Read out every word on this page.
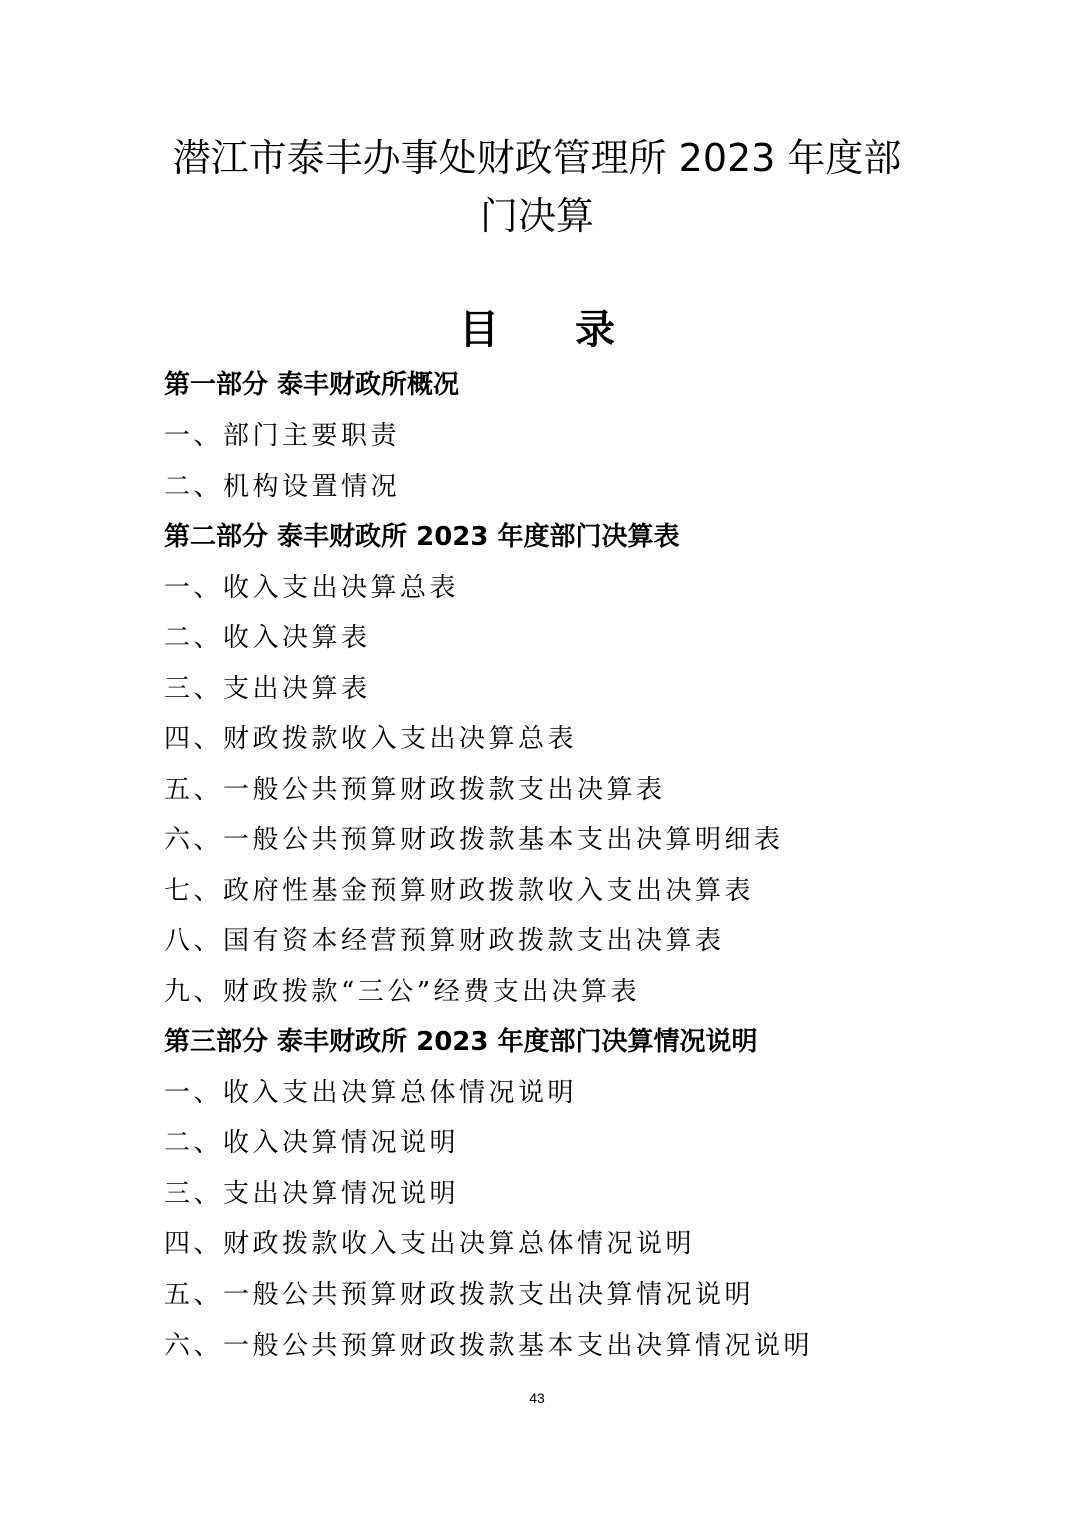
潜江市泰丰办事处财政管理所 2023 年度部
门决算
目录
第一部分 泰丰财政所概况
一、部门主要职责
二、机构设置情况
第二部分 泰丰财政所 2023 年度部门决算表
一、收入支出决算总表
二、收入决算表
三、支出决算表
四、财政拨款收入支出决算总表
五、一般公共预算财政拨款支出决算表
六、一般公共预算财政拨款基本支出决算明细表
七、政府性基金预算财政拨款收入支出决算表
八、国有资本经营预算财政拨款支出决算表
九、财政拨款“三公”经费支出决算表
第三部分 泰丰财政所 2023 年度部门决算情况说明
一、收入支出决算总体情况说明
二、收入决算情况说明
三、支出决算情况说明
四、财政拨款收入支出决算总体情况说明
五、一般公共预算财政拨款支出决算情况说明
六、一般公共预算财政拨款基本支出决算情况说明
43
